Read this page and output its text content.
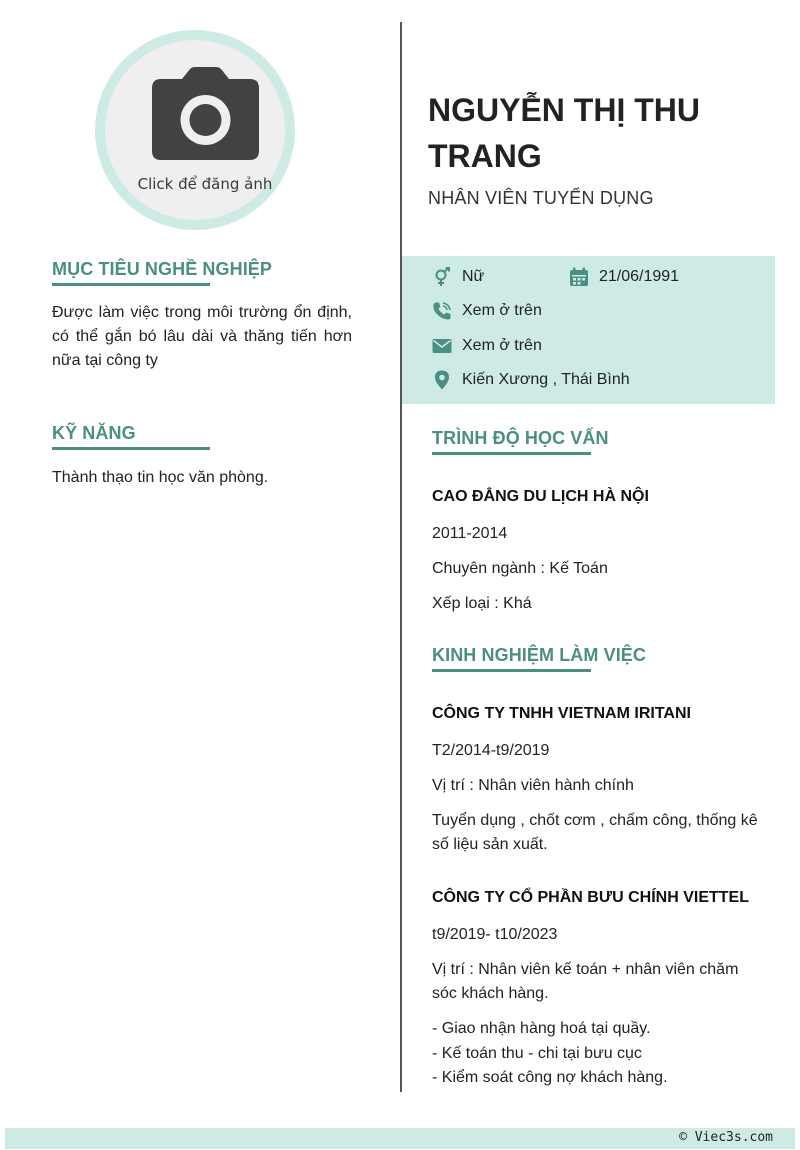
Click để đăng ảnh
MỤC TIÊU NGHỀ NGHIỆP
Được làm việc trong môi trường ổn định, có thể gắn bó lâu dài và thăng tiến hơn nữa tại công ty
KỸ NĂNG
Thành thạo tin học văn phòng.
NGUYỄN THỊ THU TRANG
NHÂN VIÊN TUYỂN DỤNG
Nữ	21/06/1991
Xem ở trên
Xem ở trên
Kiến Xương , Thái Bình
TRÌNH ĐỘ HỌC VẤN
CAO ĐẲNG DU LỊCH HÀ NỘI
2011-2014
Chuyên ngành : Kế Toán
Xếp loại : Khá
KINH NGHIỆM LÀM VIỆC
CÔNG TY TNHH VIETNAM IRITANI
T2/2014-t9/2019
Vị trí : Nhân viên hành chính
Tuyển dụng , chốt cơm , chấm công, thống kê số liệu sản xuất.
CÔNG TY CỔ PHẦN BƯU CHÍNH VIETTEL
t9/2019- t10/2023
Vị trí : Nhân viên kế toán + nhân viên chăm sóc khách hàng.
- Giao nhận hàng hoá tại quầy.
- Kế toán thu - chi tại bưu cục
- Kiểm soát công nợ khách hàng.
© Viec3s.com
